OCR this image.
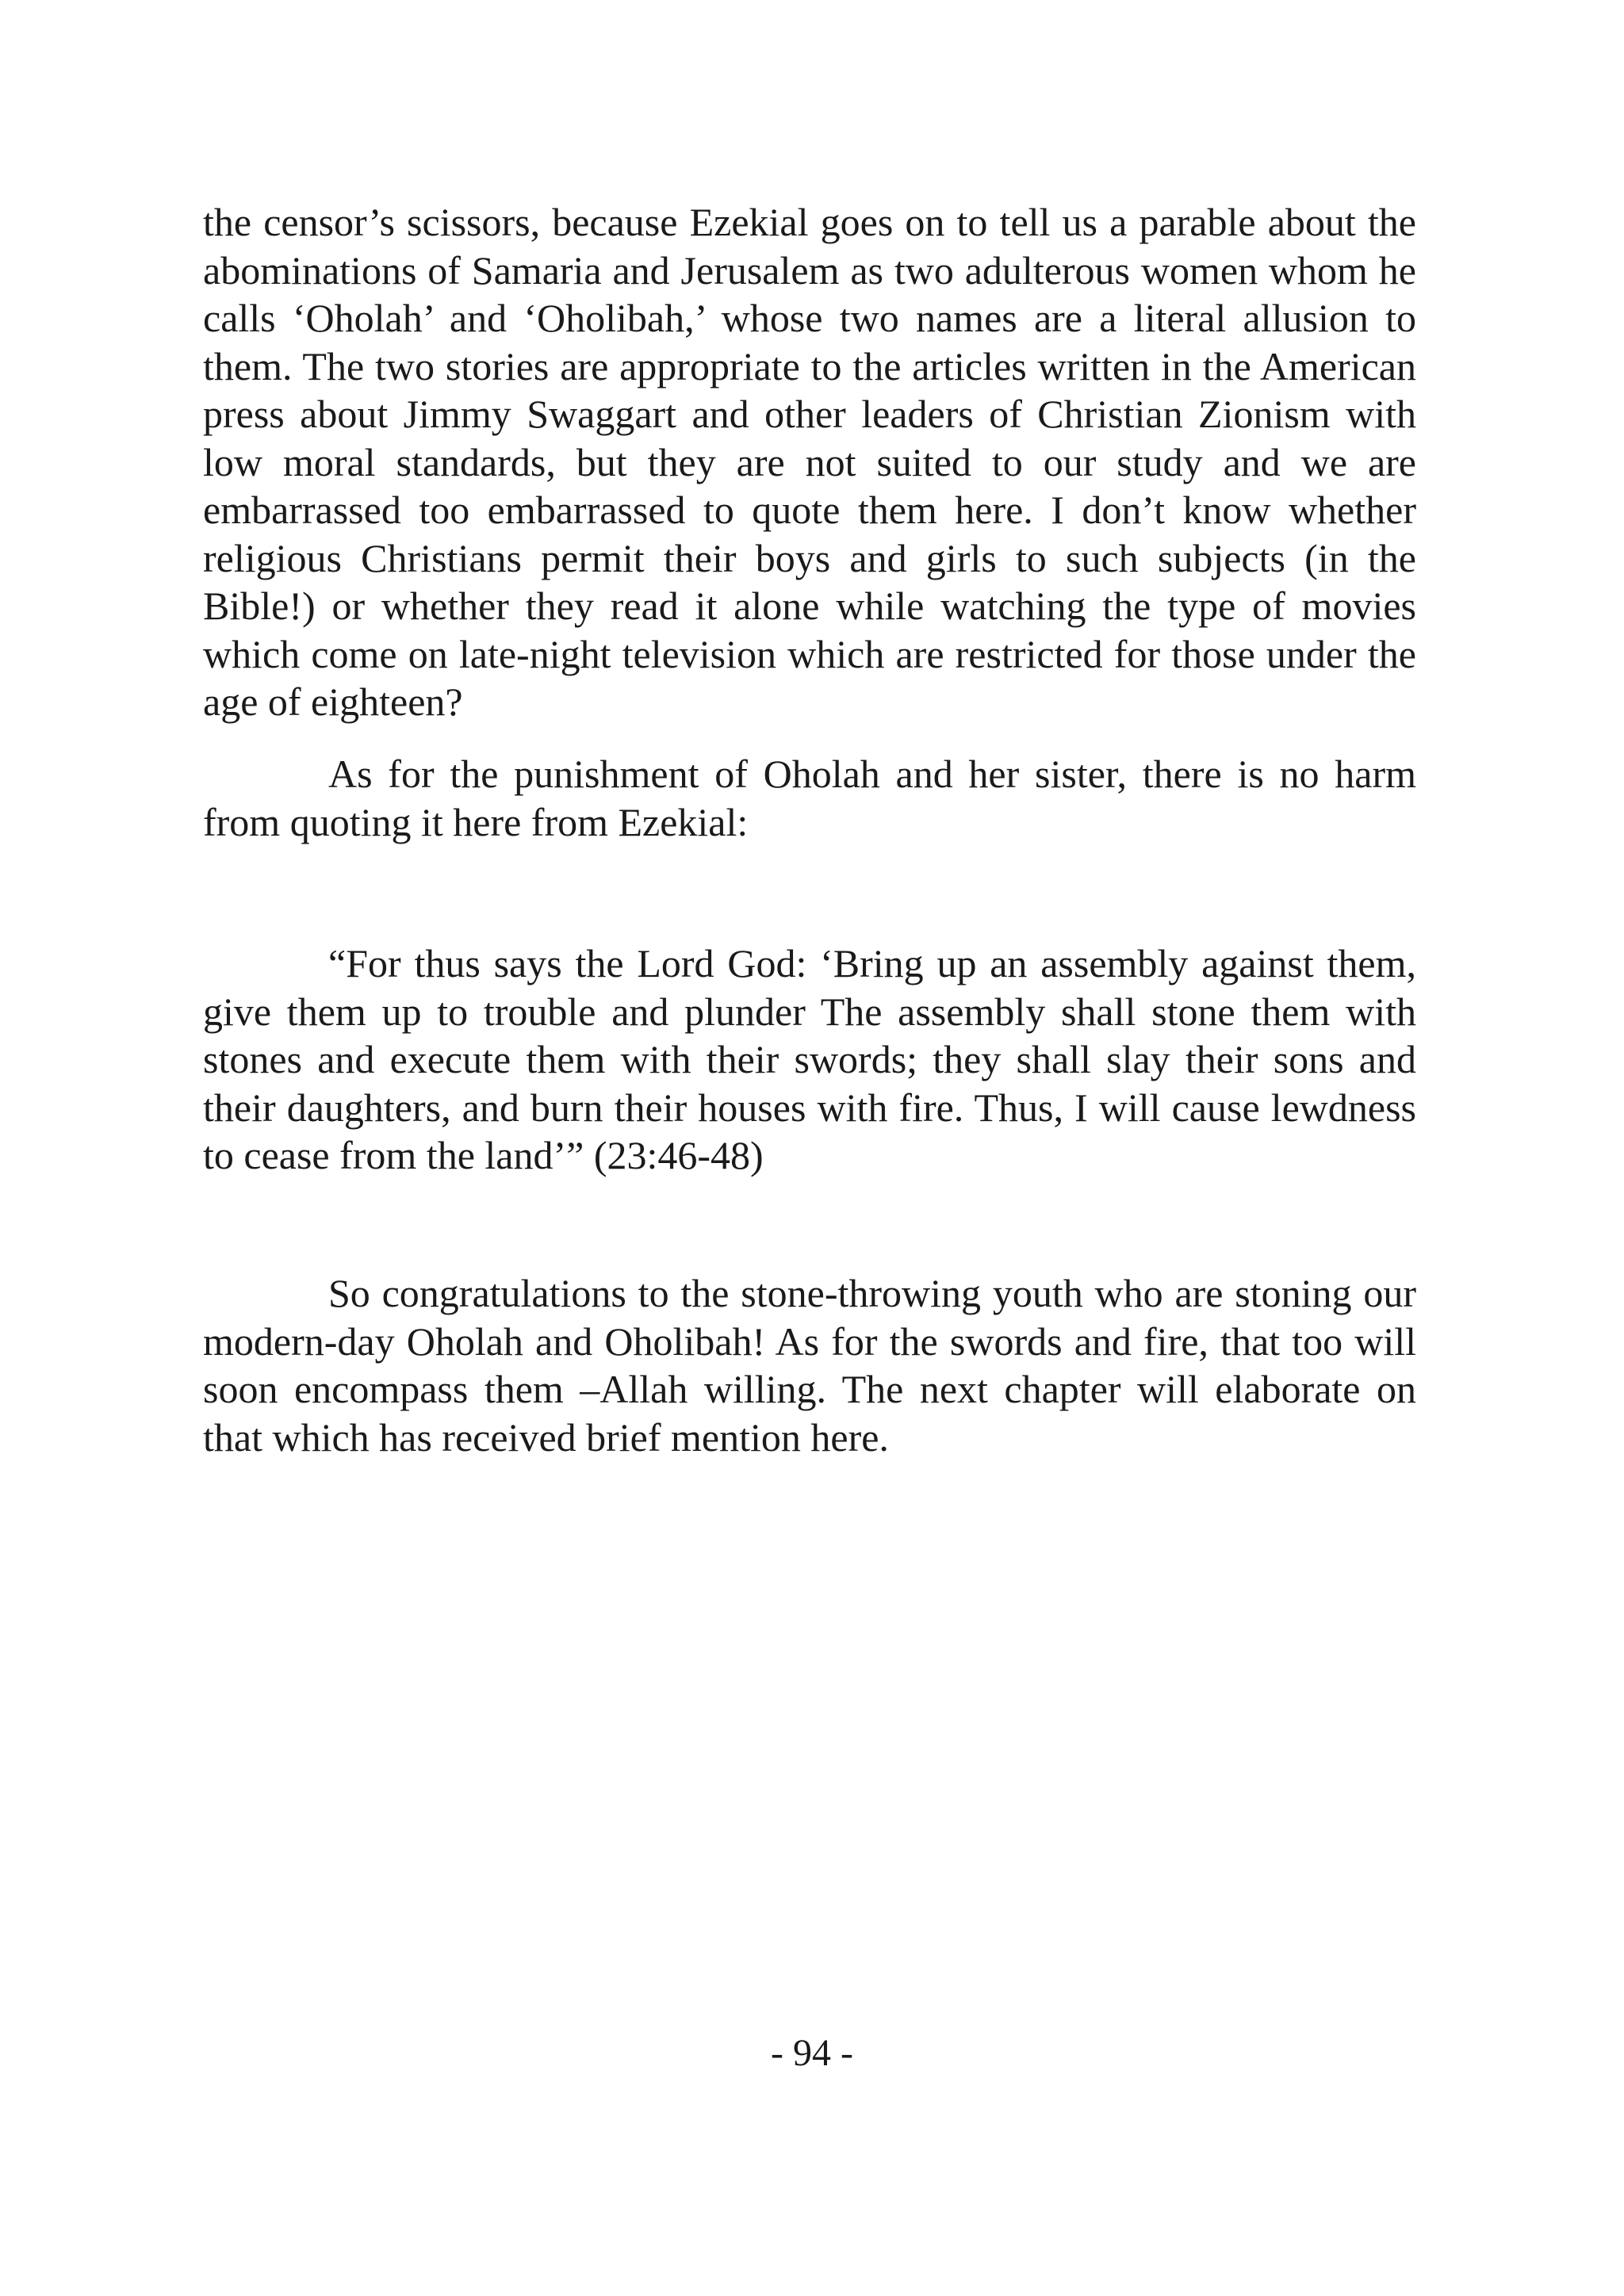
the censor’s scissors, because Ezekial goes on to tell us a parable about the abominations of Samaria and Jerusalem as two adulterous women whom he calls ‘Oholah’ and ‘Oholibah,’ whose two names are a literal allusion to them. The two stories are appropriate to the articles written in the American press about Jimmy Swaggart and other leaders of Christian Zionism with low moral standards, but they are not suited to our study and we are embarrassed too embarrassed to quote them here. I don’t know whether religious Christians permit their boys and girls to such subjects (in the Bible!) or whether they read it alone while watching the type of movies which come on late-night television which are restricted for those under the age of eighteen?

As for the punishment of Oholah and her sister, there is no harm from quoting it here from Ezekial:

“For thus says the Lord God: ‘Bring up an assembly against them, give them up to trouble and plunder The assembly shall stone them with stones and execute them with their swords; they shall slay their sons and their daughters, and burn their houses with fire. Thus, I will cause lewdness to cease from the land’” (23:46-48)

So congratulations to the stone-throwing youth who are stoning our modern-day Oholah and Oholibah! As for the swords and fire, that too will soon encompass them –Allah willing. The next chapter will elaborate on that which has received brief mention here.

- 94 -
